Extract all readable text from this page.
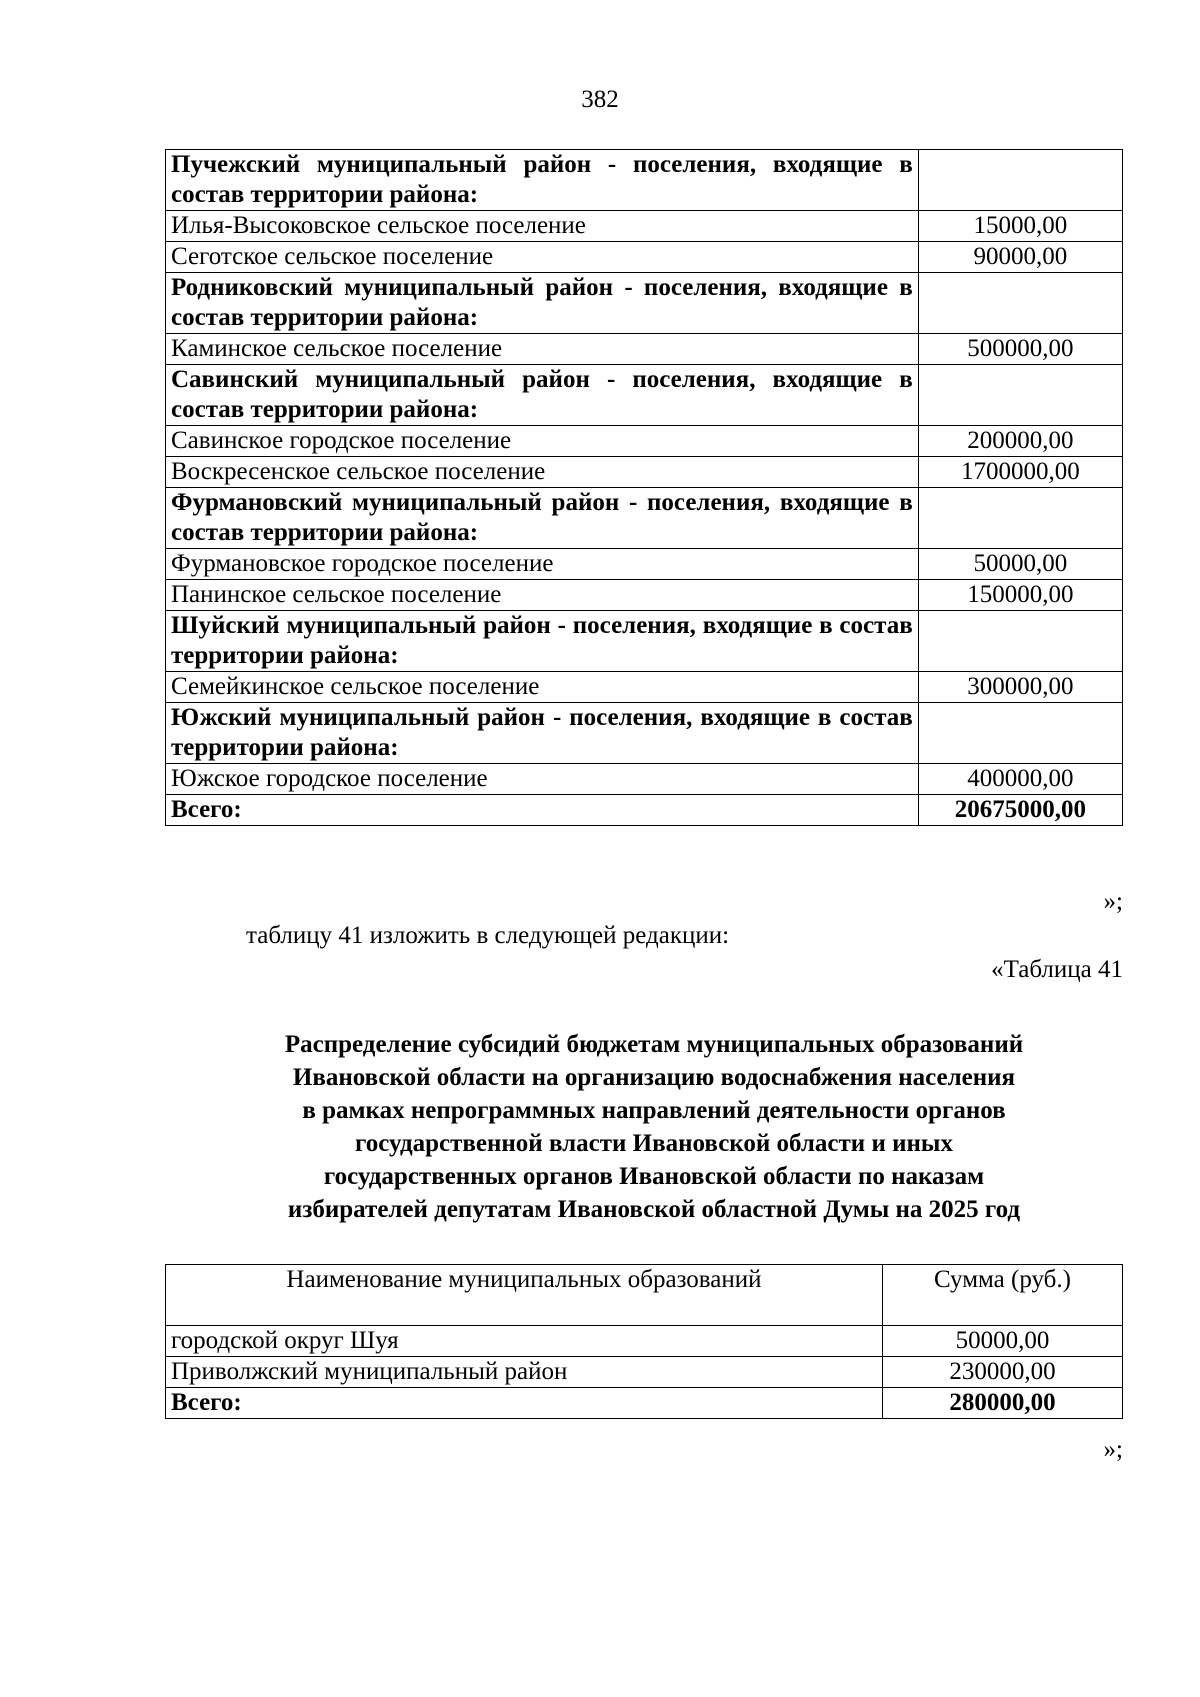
382
Пучежский муниципальный район - поселения, входящие в состав территории района:	
Илья-Высоковское сельское поселение	15000,00
Сеготское сельское поселение	90000,00
Родниковский муниципальный район - поселения, входящие в состав территории района:	
Каминское сельское поселение	500000,00
Савинский муниципальный район - поселения, входящие в состав территории района:	
Савинское городское поселение	200000,00
Воскресенское сельское поселение	1700000,00
Фурмановский муниципальный район - поселения, входящие в состав территории района:	
Фурмановское городское поселение	50000,00
Панинское сельское поселение	150000,00
Шуйский муниципальный район - поселения, входящие в состав территории района:	
Семейкинское сельское поселение	300000,00
Южский муниципальный район - поселения, входящие в состав территории района:	
Южское городское поселение	400000,00
Всего:	20675000,00
»;
таблицу 41 изложить в следующей редакции:
«Таблица 41
Распределение субсидий бюджетам муниципальных образований
Ивановской области на организацию водоснабжения населения
в рамках непрограммных направлений деятельности органов
государственной власти Ивановской области и иных
государственных органов Ивановской области по наказам
избирателей депутатам Ивановской областной Думы на 2025 год
Наименование муниципальных образований	Сумма (руб.)
городской округ Шуя	50000,00
Приволжский муниципальный район	230000,00
Всего:	280000,00
»;
